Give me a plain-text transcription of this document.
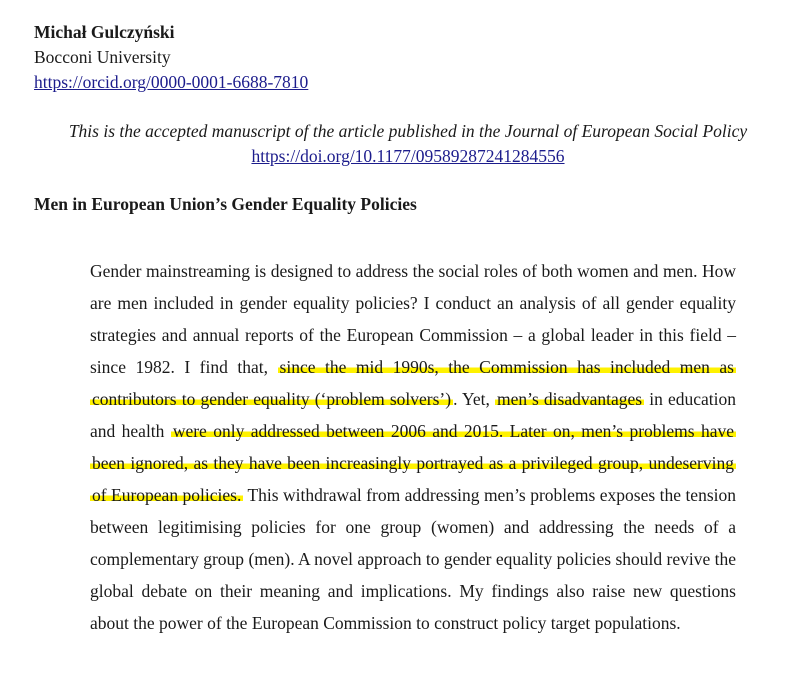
Michał Gulczyński
Bocconi University
https://orcid.org/0000-0001-6688-7810
This is the accepted manuscript of the article published in the Journal of European Social Policy
https://doi.org/10.1177/09589287241284556
Men in European Union’s Gender Equality Policies
Gender mainstreaming is designed to address the social roles of both women and men. How are men included in gender equality policies? I conduct an analysis of all gender equality strategies and annual reports of the European Commission – a global leader in this field – since 1982. I find that, since the mid 1990s, the Commission has included men as contributors to gender equality (‘problem solvers’) . Yet, men’s disadvantages in education and health were only addressed between 2006 and 2015. Later on, men’s problems have been ignored, as they have been increasingly portrayed as a privileged group, undeserving of European policies. This withdrawal from addressing men’s problems exposes the tension between legitimising policies for one group (women) and addressing the needs of a complementary group (men). A novel approach to gender equality policies should revive the global debate on their meaning and implications. My findings also raise new questions about the power of the European Commission to construct policy target populations.
